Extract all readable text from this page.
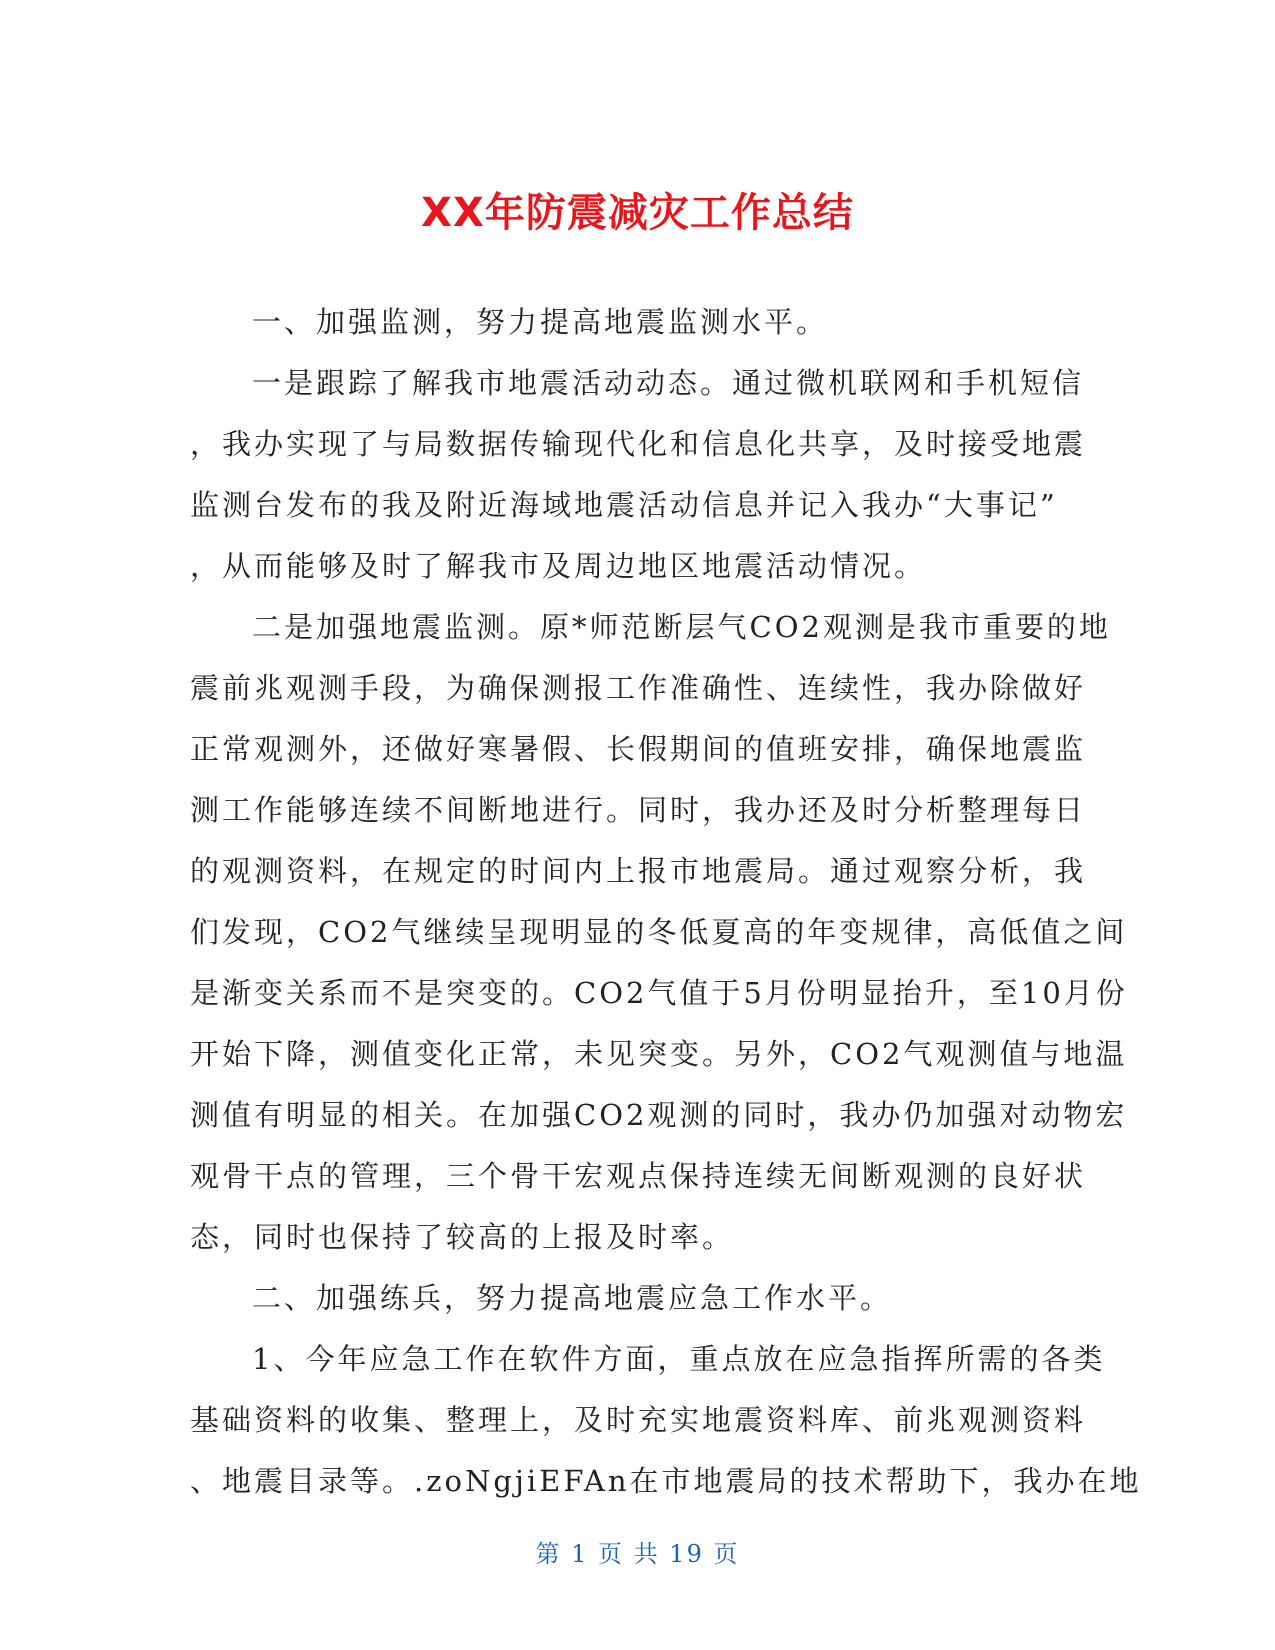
XX年防震减灾工作总结
一、加强监测，努力提高地震监测水平。
一是跟踪了解我市地震活动动态。通过微机联网和手机短信
，我办实现了与局数据传输现代化和信息化共享，及时接受地震
监测台发布的我及附近海域地震活动信息并记入我办“大事记”
，从而能够及时了解我市及周边地区地震活动情况。
二是加强地震监测。原*师范断层气CO2观测是我市重要的地
震前兆观测手段，为确保测报工作准确性、连续性，我办除做好
正常观测外，还做好寒暑假、长假期间的值班安排，确保地震监
测工作能够连续不间断地进行。同时，我办还及时分析整理每日
的观测资料，在规定的时间内上报市地震局。通过观察分析，我
们发现，CO2气继续呈现明显的冬低夏高的年变规律，高低值之间
是渐变关系而不是突变的。CO2气值于5月份明显抬升，至10月份
开始下降，测值变化正常，未见突变。另外，CO2气观测值与地温
测值有明显的相关。在加强CO2观测的同时，我办仍加强对动物宏
观骨干点的管理，三个骨干宏观点保持连续无间断观测的良好状
态，同时也保持了较高的上报及时率。
二、加强练兵，努力提高地震应急工作水平。
1、今年应急工作在软件方面，重点放在应急指挥所需的各类
基础资料的收集、整理上，及时充实地震资料库、前兆观测资料
、地震目录等。.zoNgjiEFAn在市地震局的技术帮助下，我办在地
第 1 页 共 19 页
